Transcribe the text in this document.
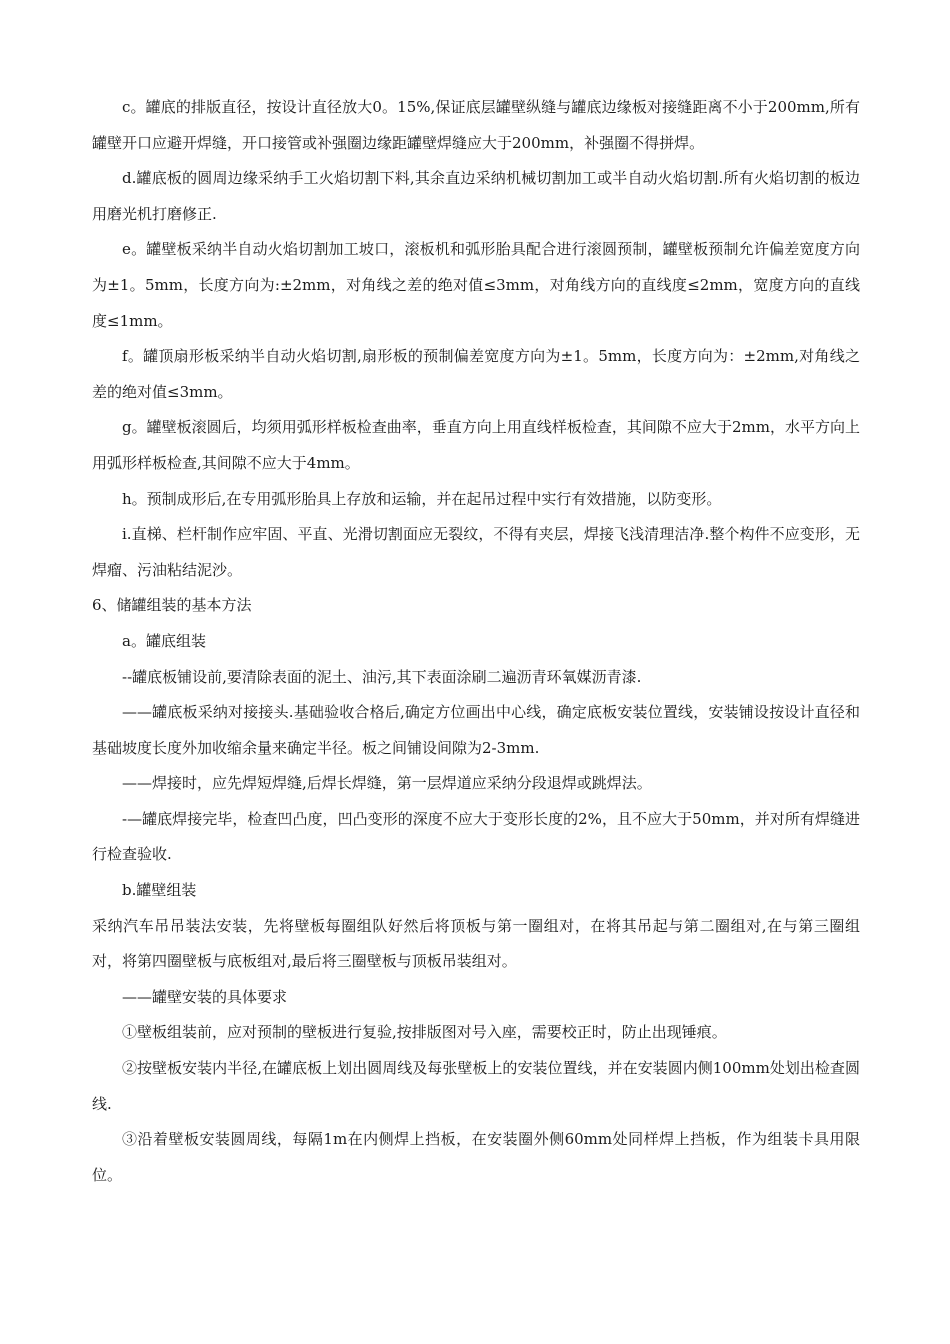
c。罐底的排版直径，按设计直径放大0。15%,保证底层罐壁纵缝与罐底边缘板对接缝距离不小于200mm,所有罐壁开口应避开焊缝，开口接管或补强圈边缘距罐壁焊缝应大于200mm，补强圈不得拼焊。

d.罐底板的圆周边缘采纳手工火焰切割下料,其余直边采纳机械切割加工或半自动火焰切割.所有火焰切割的板边用磨光机打磨修正.

e。罐壁板采纳半自动火焰切割加工坡口，滚板机和弧形胎具配合进行滚圆预制，罐壁板预制允许偏差宽度方向为±1。5mm，长度方向为:±2mm，对角线之差的绝对值≤3mm，对角线方向的直线度≤2mm，宽度方向的直线度≤1mm。

f。罐顶扇形板采纳半自动火焰切割,扇形板的预制偏差宽度方向为±1。5mm，长度方向为：±2mm,对角线之差的绝对值≤3mm。

g。罐壁板滚圆后，均须用弧形样板检查曲率，垂直方向上用直线样板检查，其间隙不应大于2mm，水平方向上用弧形样板检查,其间隙不应大于4mm。

h。预制成形后,在专用弧形胎具上存放和运输，并在起吊过程中实行有效措施，以防变形。

i.直梯、栏杆制作应牢固、平直、光滑切割面应无裂纹，不得有夹层，焊接飞浅清理洁净.整个构件不应变形，无焊瘤、污油粘结泥沙。

6、储罐组装的基本方法

a。罐底组装

--罐底板铺设前,要清除表面的泥土、油污,其下表面涂刷二遍沥青环氧媒沥青漆.

——罐底板采纳对接接头.基础验收合格后,确定方位画出中心线，确定底板安装位置线，安装铺设按设计直径和基础坡度长度外加收缩余量来确定半径。板之间铺设间隙为2-3mm.

——焊接时，应先焊短焊缝,后焊长焊缝，第一层焊道应采纳分段退焊或跳焊法。

-—罐底焊接完毕，检查凹凸度，凹凸变形的深度不应大于变形长度的2%，且不应大于50mm，并对所有焊缝进行检查验收.

b.罐壁组装

采纳汽车吊吊装法安装，先将壁板每圈组队好然后将顶板与第一圈组对，在将其吊起与第二圈组对,在与第三圈组对，将第四圈壁板与底板组对,最后将三圈壁板与顶板吊装组对。

——罐壁安装的具体要求

①壁板组装前，应对预制的壁板进行复验,按排版图对号入座，需要校正时，防止出现锤痕。

②按壁板安装内半径,在罐底板上划出圆周线及每张壁板上的安装位置线，并在安装圆内侧100mm处划出检查圆线.

③沿着壁板安装圆周线，每隔1m在内侧焊上挡板，在安装圈外侧60mm处同样焊上挡板，作为组装卡具用限位。
